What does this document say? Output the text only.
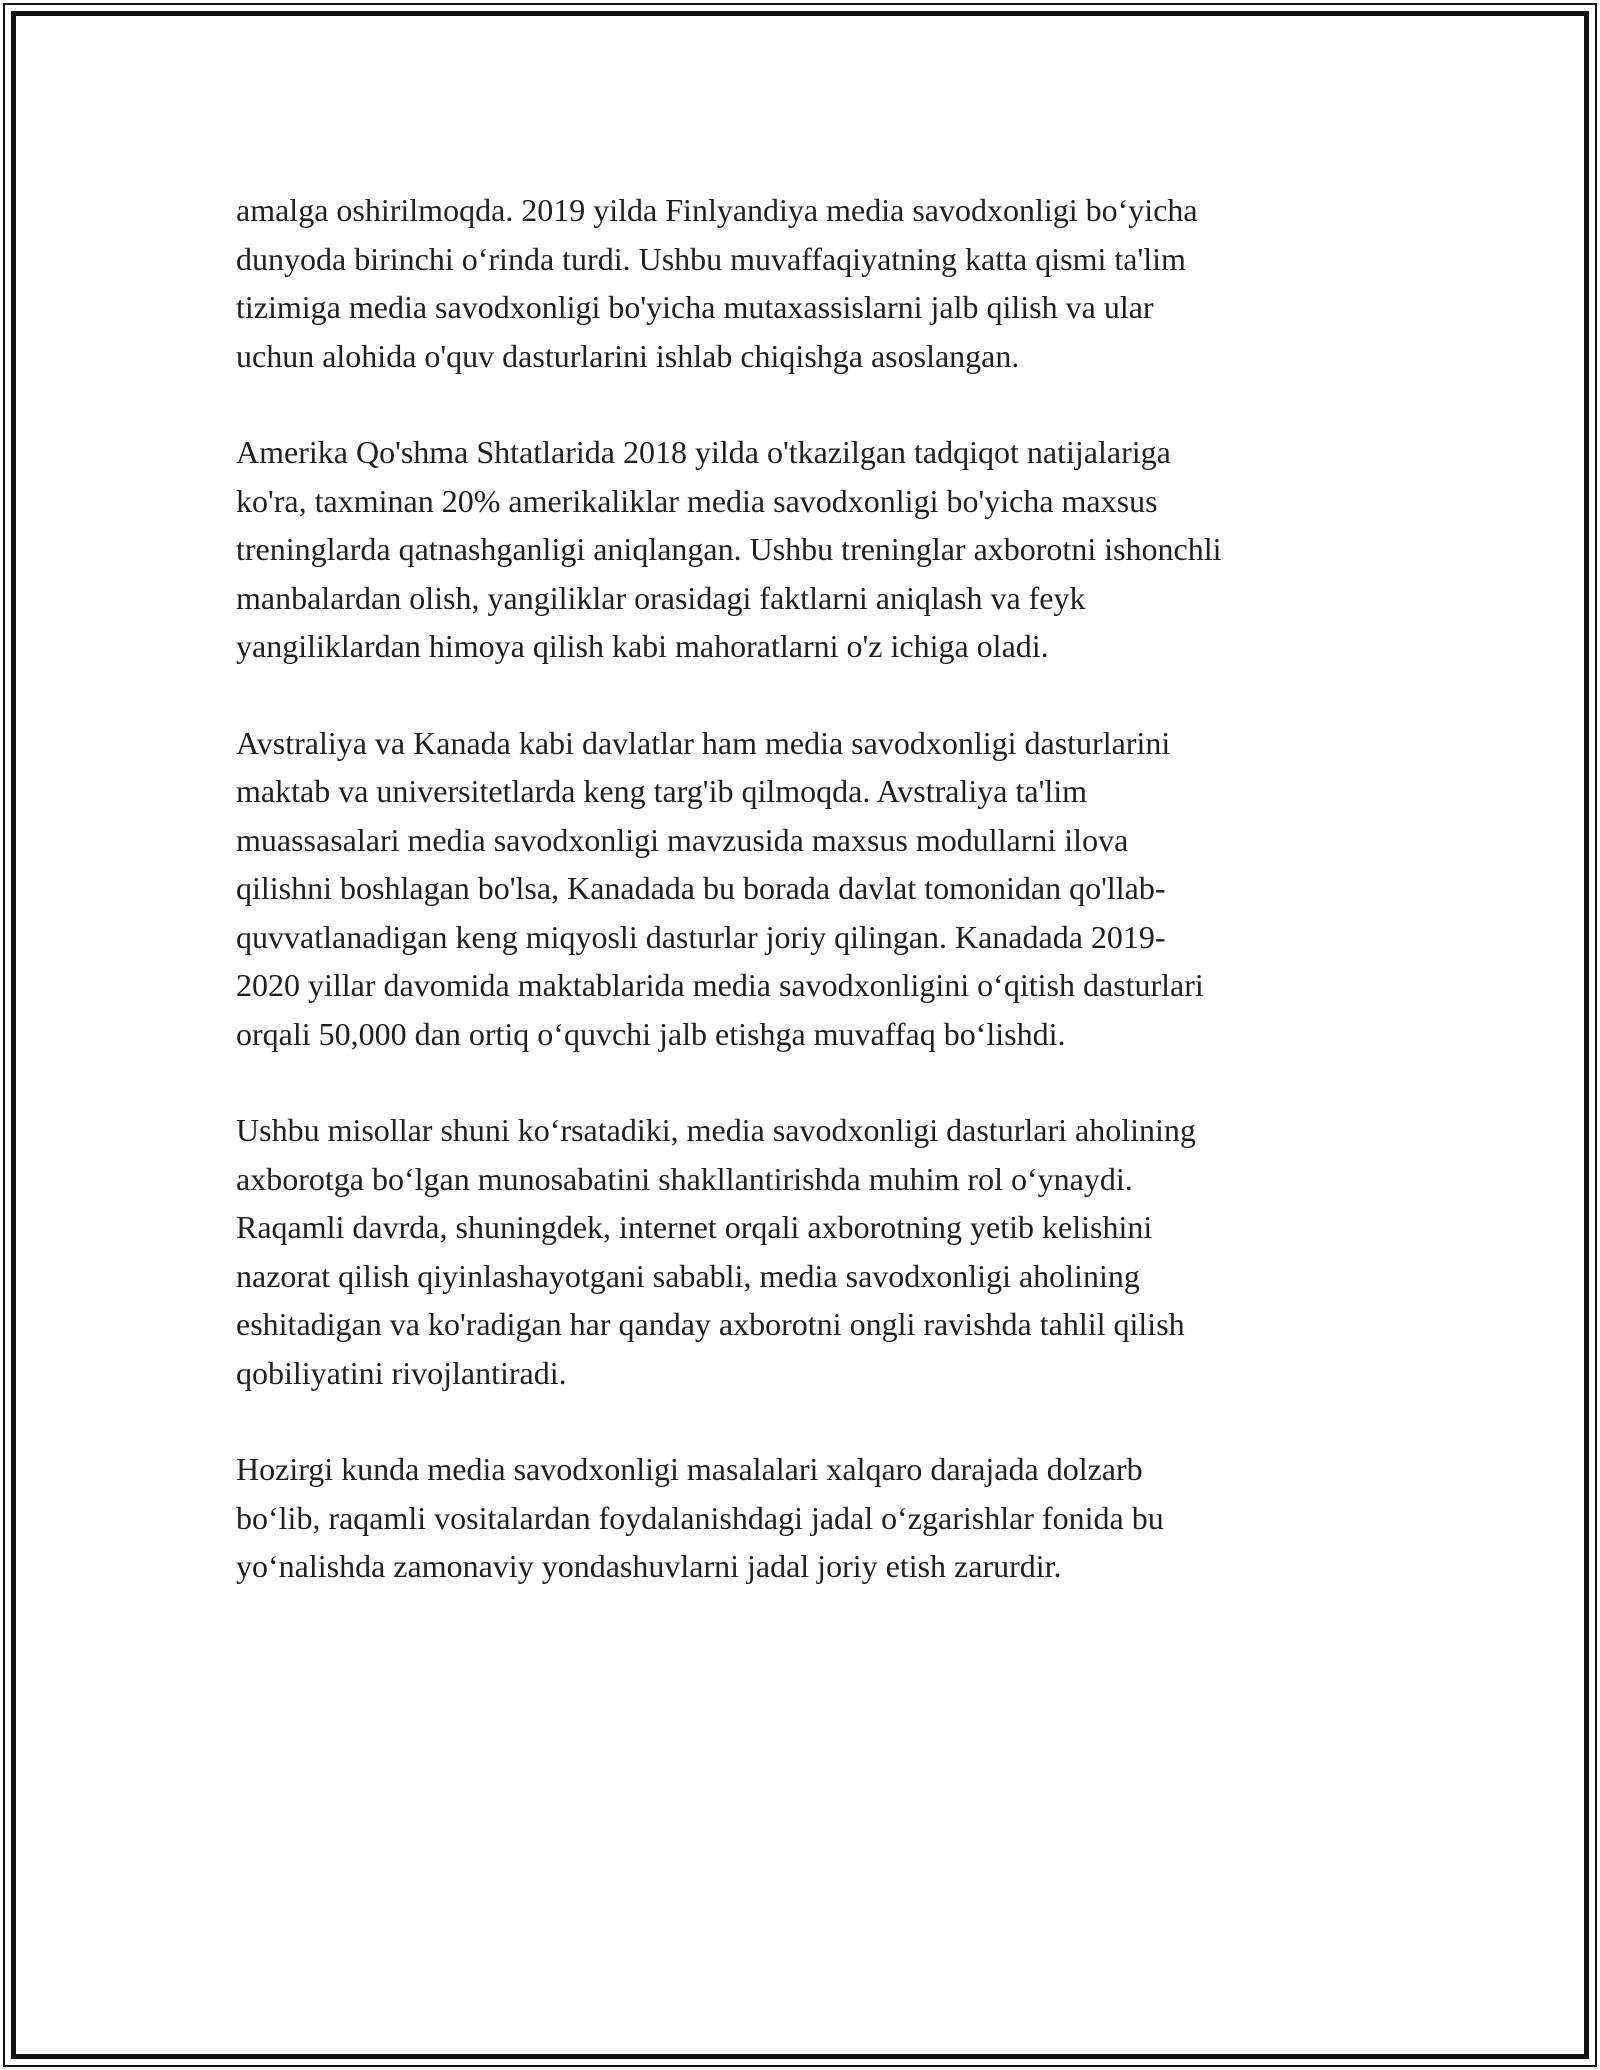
amalga oshirilmoqda. 2019 yilda Finlyandiya media savodxonligi bo‘yicha
dunyoda birinchi o‘rinda turdi. Ushbu muvaffaqiyatning katta qismi ta'lim
tizimiga media savodxonligi bo'yicha mutaxassislarni jalb qilish va ular
uchun alohida o'quv dasturlarini ishlab chiqishga asoslangan.

Amerika Qo'shma Shtatlarida 2018 yilda o'tkazilgan tadqiqot natijalariga
ko'ra, taxminan 20% amerikaliklar media savodxonligi bo'yicha maxsus
treninglarda qatnashganligi aniqlangan. Ushbu treninglar axborotni ishonchli
manbalardan olish, yangiliklar orasidagi faktlarni aniqlash va feyk
yangiliklardan himoya qilish kabi mahoratlarni o'z ichiga oladi.

Avstraliya va Kanada kabi davlatlar ham media savodxonligi dasturlarini
maktab va universitetlarda keng targ'ib qilmoqda. Avstraliya ta'lim
muassasalari media savodxonligi mavzusida maxsus modullarni ilova
qilishni boshlagan bo'lsa, Kanadada bu borada davlat tomonidan qo'llab-
quvvatlanadigan keng miqyosli dasturlar joriy qilingan. Kanadada 2019-
2020 yillar davomida maktablarida media savodxonligini o‘qitish dasturlari
orqali 50,000 dan ortiq o‘quvchi jalb etishga muvaffaq bo‘lishdi.

Ushbu misollar shuni ko‘rsatadiki, media savodxonligi dasturlari aholining
axborotga bo‘lgan munosabatini shakllantirishda muhim rol o‘ynaydi.
Raqamli davrda, shuningdek, internet orqali axborotning yetib kelishini
nazorat qilish qiyinlashayotgani sababli, media savodxonligi aholining
eshitadigan va ko'radigan har qanday axborotni ongli ravishda tahlil qilish
qobiliyatini rivojlantiradi.

Hozirgi kunda media savodxonligi masalalari xalqaro darajada dolzarb
bo‘lib, raqamli vositalardan foydalanishdagi jadal o‘zgarishlar fonida bu
yo‘nalishda zamonaviy yondashuvlarni jadal joriy etish zarurdir.
